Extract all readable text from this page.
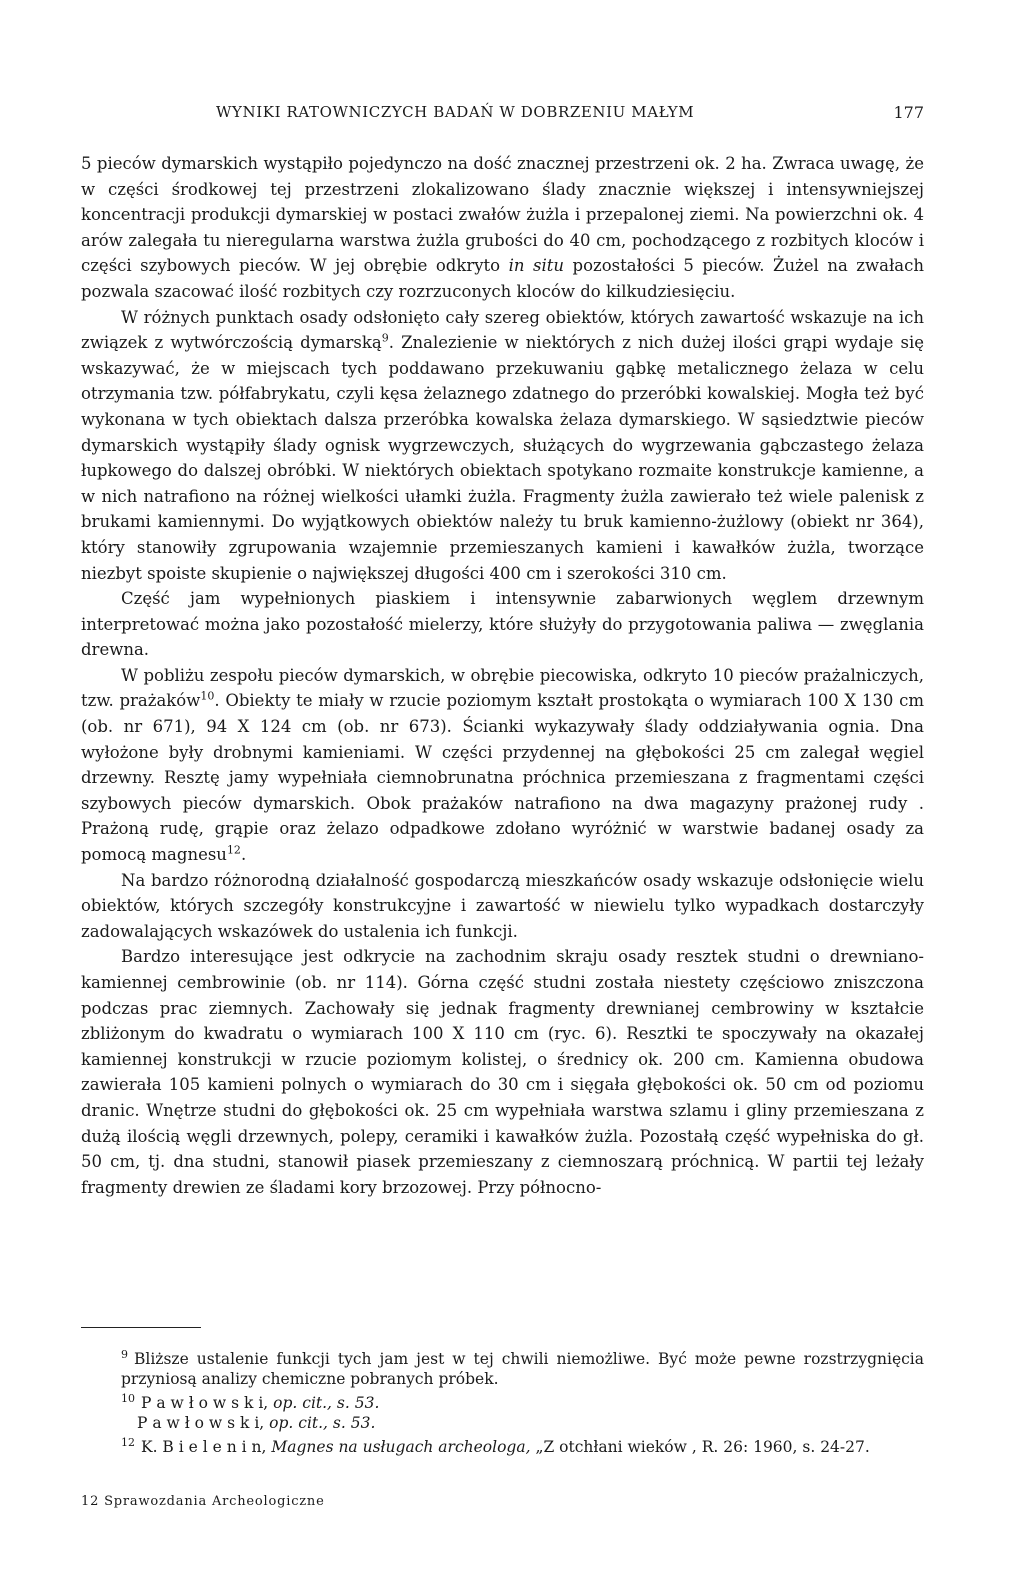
WYNIKI RATOWNICZYCH BADAŃ W DOBRZENIU MAŁYM	177

5 pieców dymarskich wystąpiło pojedynczo na dość znacznej przestrzeni ok. 2 ha. Zwraca uwagę, że w części środkowej tej przestrzeni zlokalizowano ślady znacznie większej i intensywniejszej koncentracji produkcji dymarskiej w postaci zwałów żużla i przepalonej ziemi. Na powierzchni ok. 4 arów zalegała tu nieregularna warstwa żużla grubości do 40 cm, pochodzącego z rozbitych kloców i części szybowych pieców. W jej obrębie odkryto in situ pozostałości 5 pieców. Żużel na zwałach pozwala szacować ilość rozbitych czy rozrzuconych kloców do kilkudziesięciu.

W różnych punktach osady odsłonięto cały szereg obiektów, których zawartość wskazuje na ich związek z wytwórczością dymarską$^9$. Znalezienie w niektórych z nich dużej ilości grąpi wydaje się wskazywać, że w miejscach tych poddawano przekuwaniu gąbkę metalicznego żelaza w celu otrzymania tzw. półfabrykatu, czyli kęsa żelaznego zdatnego do przeróbki kowalskiej. Mogła też być wykonana w tych obiektach dalsza przeróbka kowalska żelaza dymarskiego. W sąsiedztwie pieców dymarskich wystąpiły ślady ognisk wygrzewczych, służących do wygrzewania gąbczastego żelaza łupkowego do dalszej obróbki. W niektórych obiektach spotykano rozmaite konstrukcje kamienne, a w nich natrafiono na różnej wielkości ułamki żużla. Fragmenty żużla zawierało też wiele palenisk z brukami kamiennymi. Do wyjątkowych obiektów należy tu bruk kamienno-żużlowy (obiekt nr 364), który stanowiły zgrupowania wzajemnie przemieszanych kamieni i kawałków żużla, tworzące niezbyt spoiste skupienie o największej długości 400 cm i szerokości 310 cm.

Część jam wypełnionych piaskiem i intensywnie zabarwionych węglem drzewnym interpretować można jako pozostałość mielerzy, które służyły do przygotowania paliwa — zwęglania drewna.

W pobliżu zespołu pieców dymarskich, w obrębie piecowiska, odkryto 10 pieców prażalniczych, tzw. prażaków$^{10}$. Obiekty te miały w rzucie poziomym kształt prostokąta o wymiarach 100 X 130 cm (ob. nr 671), 94 X 124 cm (ob. nr 673). Ścianki wykazywały ślady oddziaływania ognia. Dna wyłożone były drobnymi kamieniami. W części przydennej na głębokości 25 cm zalegał węgiel drzewny. Resztę jamy wypełniała ciemnobrunatna próchnica przemieszana z fragmentami części szybowych pieców dymarskich. Obok prażaków natrafiono na dwa magazyny prażonej rudy . Prażoną rudę, grąpie oraz żelazo odpadkowe zdołano wyróżnić w warstwie badanej osady za pomocą magnesu$^{12}$.

Na bardzo różnorodną działalność gospodarczą mieszkańców osady wskazuje odsłonięcie wielu obiektów, których szczegóły konstrukcyjne i zawartość w niewielu tylko wypadkach dostarczyły zadowalających wskazówek do ustalenia ich funkcji.

Bardzo interesujące jest odkrycie na zachodnim skraju osady resztek studni o drewniano-kamiennej cembrowinie (ob. nr 114). Górna część studni została niestety częściowo zniszczona podczas prac ziemnych. Zachowały się jednak fragmenty drewnianej cembrowiny w kształcie zbliżonym do kwadratu o wymiarach 100 X 110 cm (ryc. 6). Resztki te spoczywały na okazałej kamiennej konstrukcji w rzucie poziomym kolistej, o średnicy ok. 200 cm. Kamienna obudowa zawierała 105 kamieni polnych o wymiarach do 30 cm i sięgała głębokości ok. 50 cm od poziomu dranic. Wnętrze studni do głębokości ok. 25 cm wypełniała warstwa szlamu i gliny przemieszana z dużą ilością węgli drzewnych, polepy, ceramiki i kawałków żużla. Pozostałą część wypełniska do gł. 50 cm, tj. dna studni, stanowił piasek przemieszany z ciemnoszarą próchnicą. W partii tej leżały fragmenty drewien ze śladami kory brzozowej. Przy północno-

$^9$ Bliższe ustalenie funkcji tych jam jest w tej chwili niemożliwe. Być może pewne rozstrzygnięcia przyniosą analizy chemiczne pobranych próbek.

$^{10}$ P a w ł o w s k i, op. cit., s. 53.

P a w ł o w s k i, op. cit., s. 53.

$^{12}$ K. B i e l e n i n, Magnes na usługach archeologa, „Z otchłani wieków , R. 26: 1960, s. 24-27.

12 Sprawozdania Archeologiczne
